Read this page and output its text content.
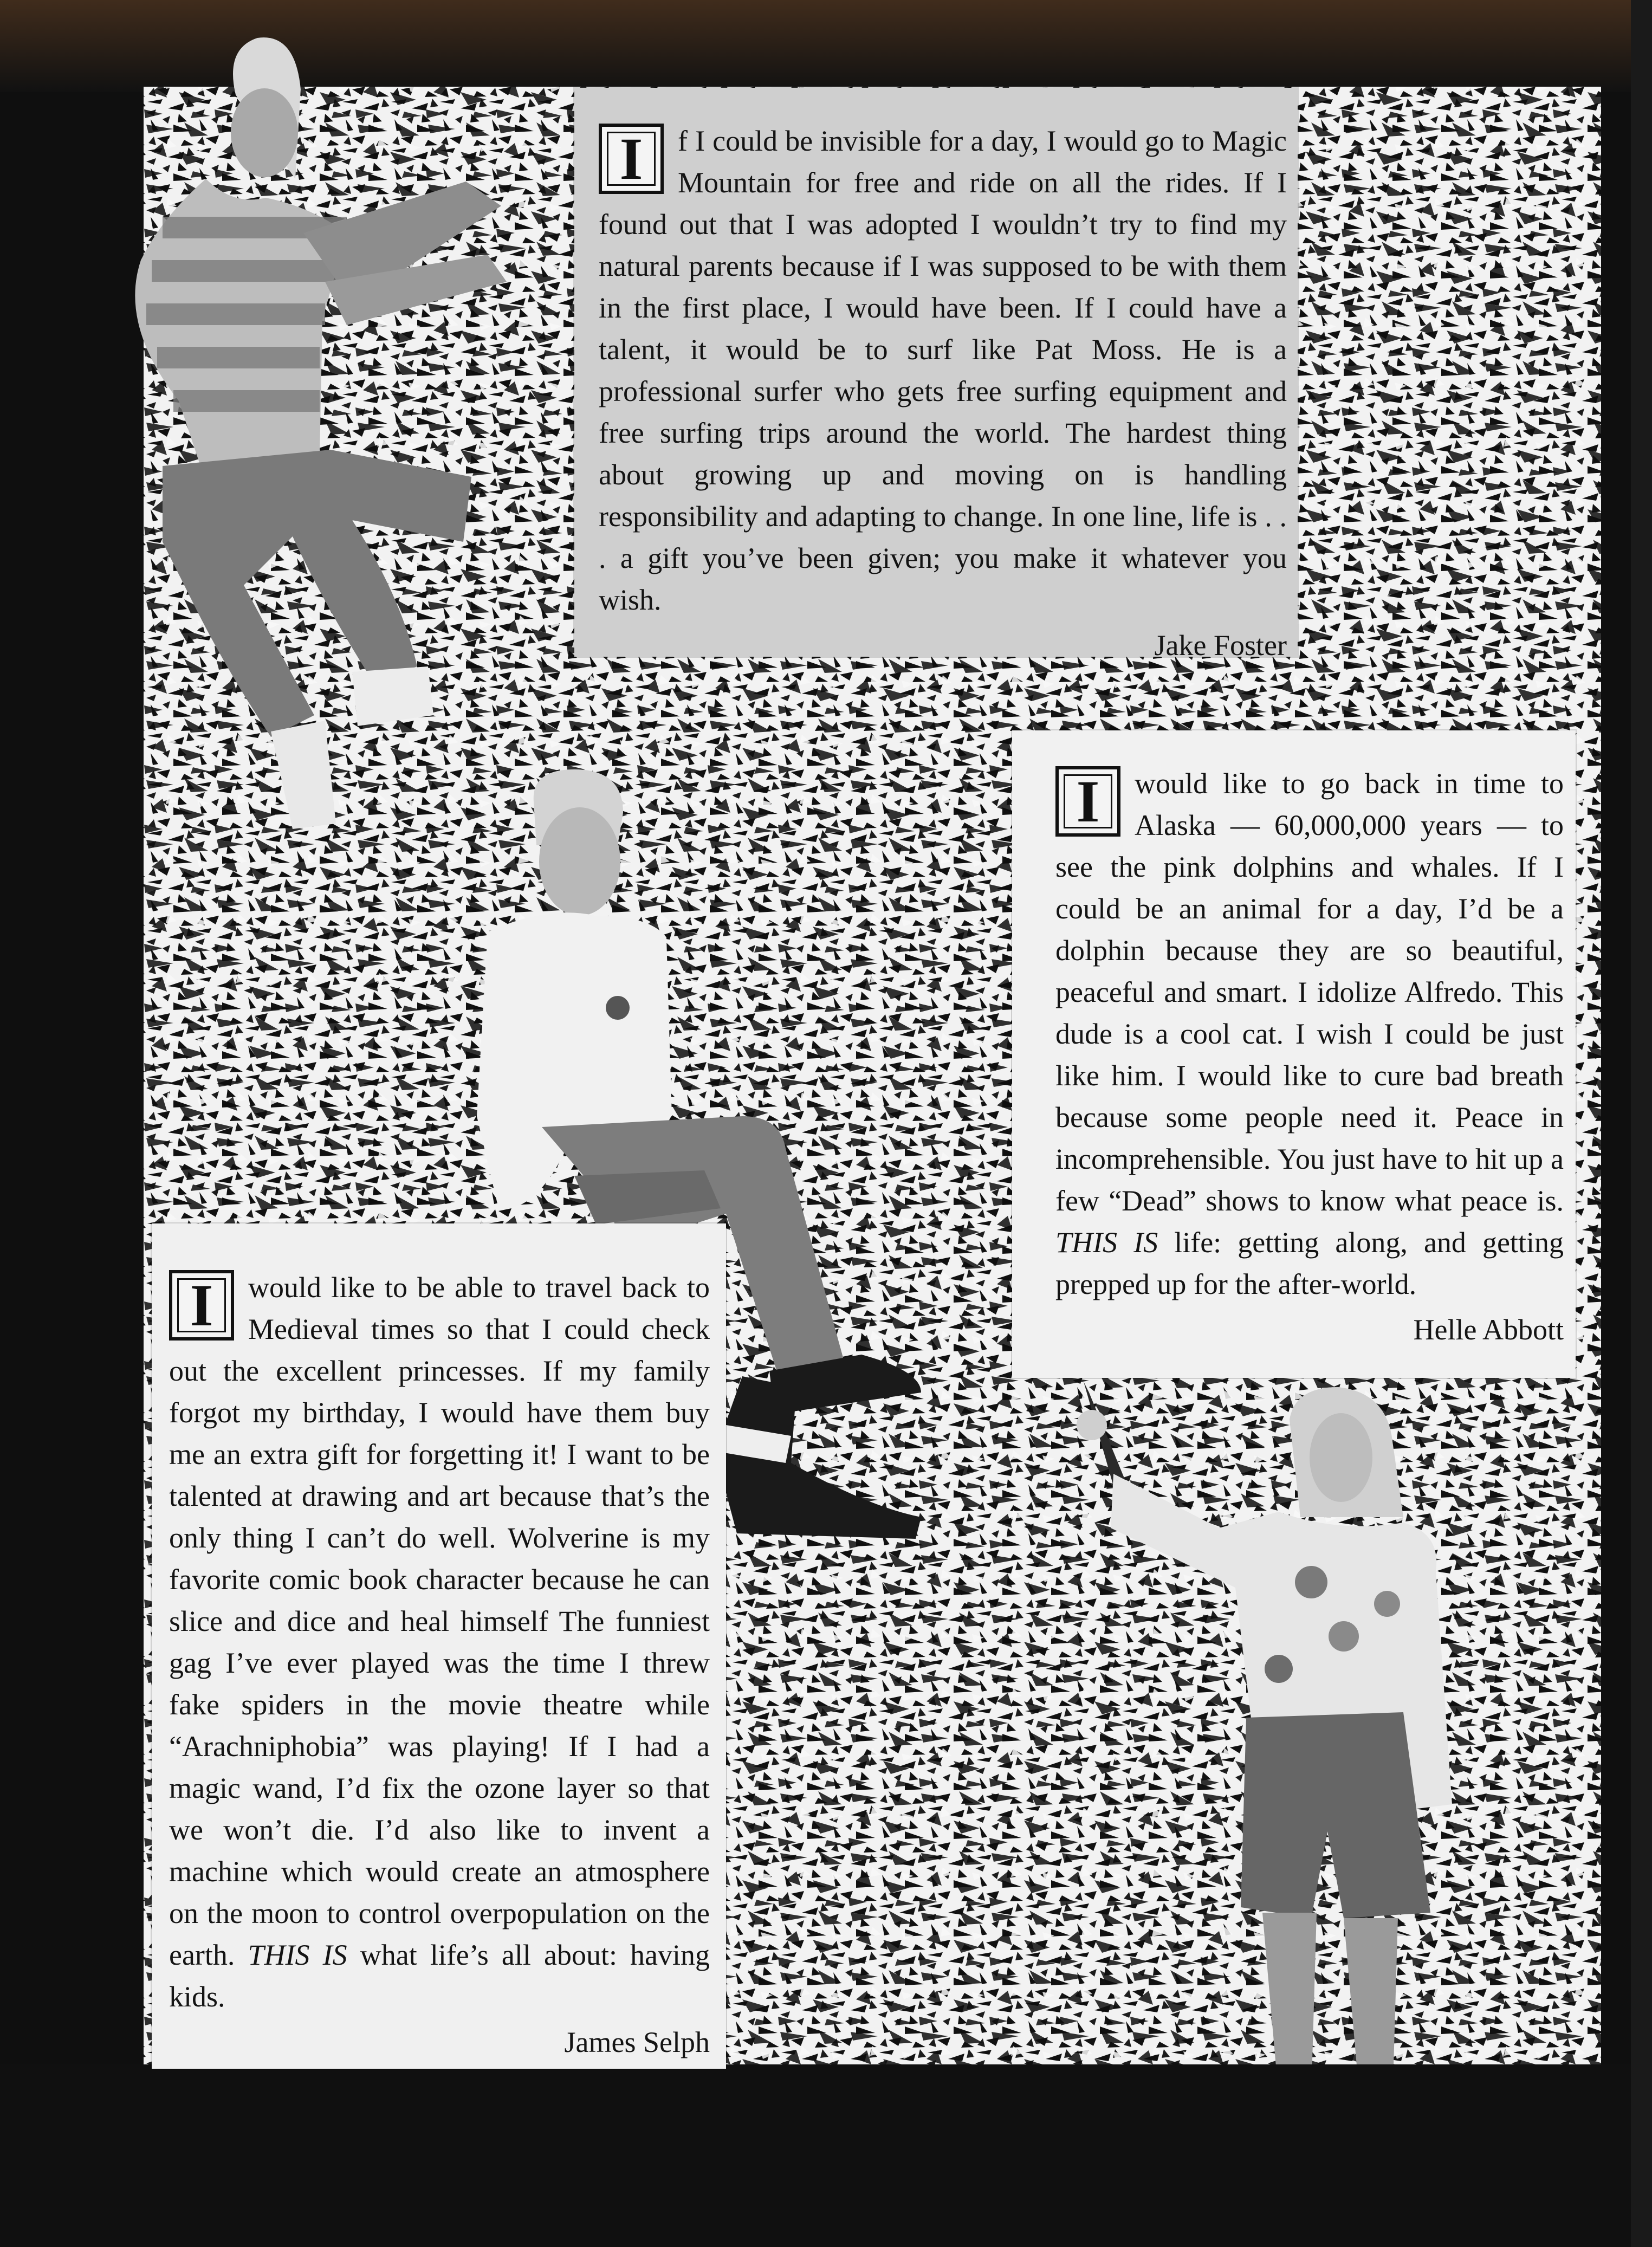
I	f I could be invisible for a day, I would go to Magic Mountain for free and ride on all the rides. If I found out that I was adopted I wouldn’t try to find my natural parents because if I was supposed to be with them in the first place, I would have been. If I could have a talent, it would be to surf like Pat Moss. He is a professional surfer who gets free surfing equipment and free surfing trips around the world. The hardest thing about growing up and moving on is handling responsibility and adapting to change. In one line, life is . . . a gift you’ve been given; you make it whatever you wish.

Jake Foster
I	would like to go back in time to Alaska — 60,000,000 years — to see the pink dolphins and whales. If I could be an animal for a day, I’d be a dolphin because they are so beautiful, peaceful and smart. I idolize Alfredo. This dude is a cool cat. I wish I could be just like him. I would like to cure bad breath because some people need it. Peace in incomprehensible. You just have to hit up a few “Dead” shows to know what peace is. THIS IS life: getting along, and getting prepped up for the after-world.

Helle Abbott
I	would like to be able to travel back to Medieval times so that I could check out the excellent princesses. If my family forgot my birthday, I would have them buy me an extra gift for forgetting it! I want to be talented at drawing and art because that’s the only thing I can’t do well. Wolverine is my favorite comic book character because he can slice and dice and heal himself The funniest gag I’ve ever played was the time I threw fake spiders in the movie theatre while “Arachniphobia” was playing! If I had a magic wand, I’d fix the ozone layer so that we won’t die. I’d also like to invent a machine which would create an atmosphere on the moon to control overpopulation on the earth. THIS IS what life’s all about: having kids.

James Selph
